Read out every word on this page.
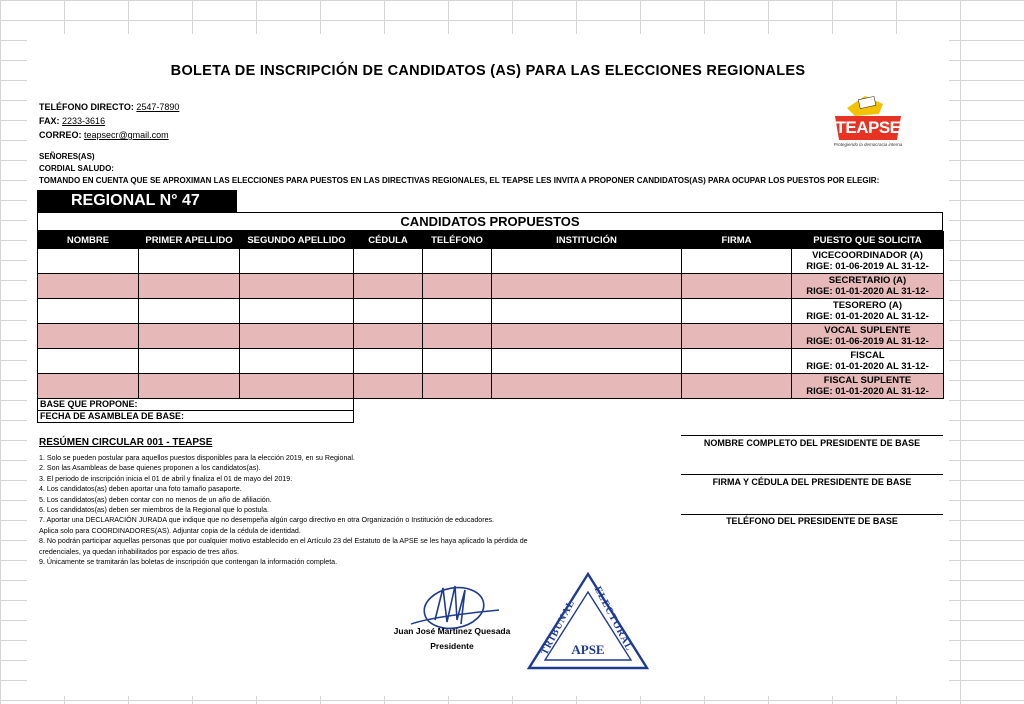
BOLETA DE INSCRIPCIÓN DE CANDIDATOS (AS) PARA LAS ELECCIONES REGIONALES
TELÉFONO DIRECTO: 2547-7890
FAX: 2233-3616
CORREO: teapsecr@gmail.com	TEAPSE
Protegiendo la democracia interna
SEÑORES(AS)
CORDIAL SALUDO:
TOMANDO EN CUENTA QUE SE APROXIMAN LAS ELECCIONES PARA PUESTOS EN LAS DIRECTIVAS REGIONALES, EL TEAPSE LES INVITA A PROPONER CANDIDATOS(AS) PARA OCUPAR LOS PUESTOS POR ELEGIR:
REGIONAL N° 47
CANDIDATOS PROPUESTOS
NOMBRE	PRIMER APELLIDO	SEGUNDO APELLIDO	CÉDULA	TELÉFONO	INSTITUCIÓN	FIRMA	PUESTO QUE SOLICITA

							VICECOORDINADOR (A)
RIGE: 01-06-2019 AL 31-12-

							SECRETARIO (A)
RIGE: 01-01-2020 AL 31-12-

							TESORERO (A)
RIGE: 01-01-2020 AL 31-12-

							VOCAL SUPLENTE
RIGE: 01-06-2019 AL 31-12-

							FISCAL
RIGE: 01-01-2020 AL 31-12-

							FISCAL SUPLENTE
RIGE: 01-01-2020 AL 31-12-
BASE QUE PROPONE:
FECHA DE ASAMBLEA DE BASE:
RESÚMEN CIRCULAR 001 - TEAPSE
1. Solo se pueden postular para aquellos puestos disponibles para la elección 2019, en su Regional.
2. Son las Asambleas de base quienes proponen a los candidatos(as).
3. El periodo de inscripción inicia el 01 de abril y finaliza el 01 de mayo del 2019.
4. Los candidatos(as) deben aportar una foto tamaño pasaporte.
5. Los candidatos(as) deben contar con no menos de un año de afiliación.
6. Los candidatos(as) deben ser miembros de la Regional que lo postula.
7. Aportar una DECLARACIÓN JURADA que indique que no desempeña algún cargo directivo en otra Organización o Institución de educadores.
Aplica solo para COORDINADORES(AS). Adjuntar copia de la cédula de identidad.
8. No podrán participar aquellas personas que por cualquier motivo establecido en el Artículo 23 del Estatuto de la APSE se les haya aplicado la pérdida de
credenciales, ya quedan inhabilitados por espacio de tres años.
9. Únicamente se tramitarán las boletas de inscripción que contengan la información completa.
NOMBRE COMPLETO DEL PRESIDENTE DE BASE
FIRMA Y CÉDULA DEL PRESIDENTE DE BASE
TELÉFONO DEL PRESIDENTE DE BASE
Juan José Martínez Quesada
Presidente	TRIBUNAL
ELECTORAL
APSE
